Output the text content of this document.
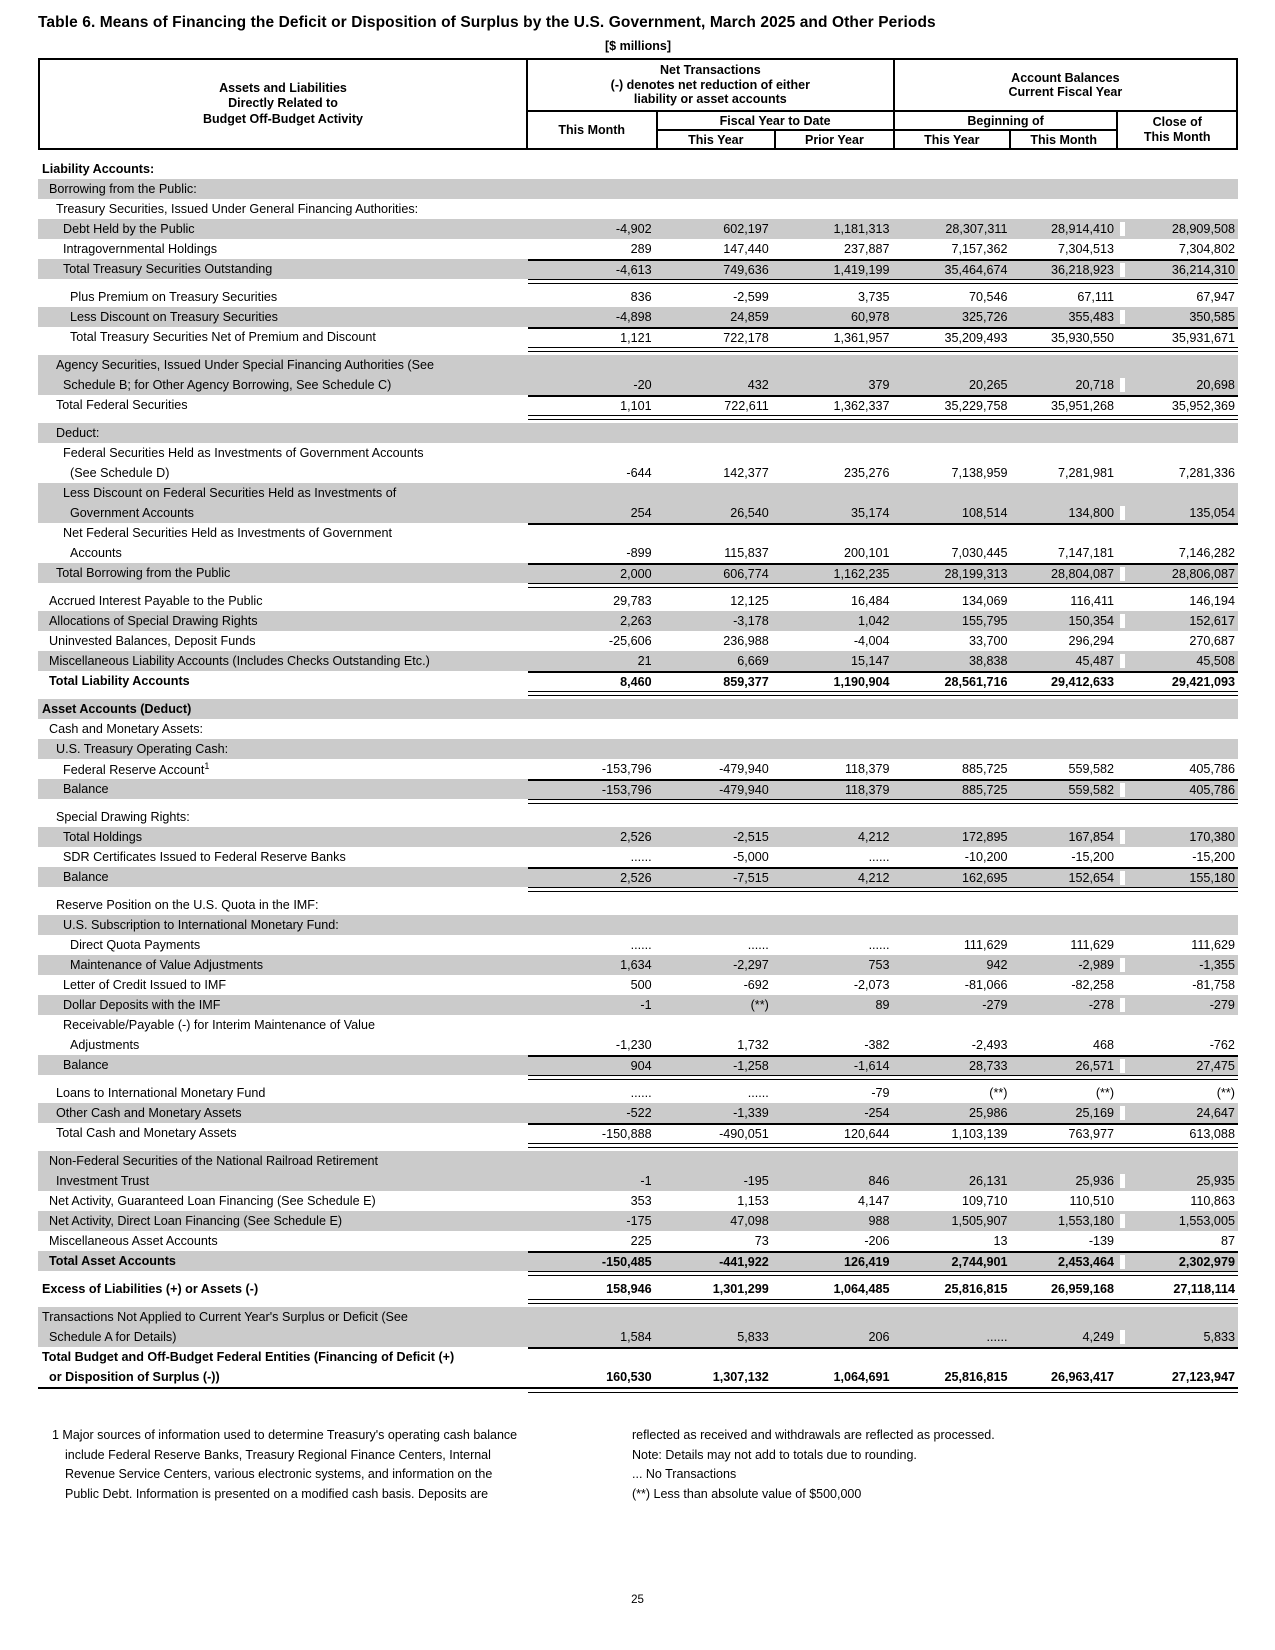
Table 6. Means of Financing the Deficit or Disposition of Surplus by the U.S. Government, March 2025 and Other Periods
[$ millions]
Assets and Liabilities
Directly Related to
Budget Off-Budget Activity
Net Transactions
(-) denotes net reduction of either
liability or asset accounts
Account Balances
Current Fiscal Year
This Month
Fiscal Year to Date
This Year	Prior Year
Beginning of
This Year	This Month
Close of
This Month
Liability Accounts:
Borrowing from the Public:
Treasury Securities, Issued Under General Financing Authorities:
Debt Held by the Public	-4,902	602,197	1,181,313	28,307,311	28,914,410	28,909,508
Intragovernmental Holdings	289	147,440	237,887	7,157,362	7,304,513	7,304,802
Total Treasury Securities Outstanding	-4,613	749,636	1,419,199	35,464,674	36,218,923	36,214,310
Plus Premium on Treasury Securities	836	-2,599	3,735	70,546	67,111	67,947
Less Discount on Treasury Securities	-4,898	24,859	60,978	325,726	355,483	350,585
Total Treasury Securities Net of Premium and Discount	1,121	722,178	1,361,957	35,209,493	35,930,550	35,931,671
Agency Securities, Issued Under Special Financing Authorities (See
Schedule B; for Other Agency Borrowing, See Schedule C)	-20	432	379	20,265	20,718	20,698
Total Federal Securities	1,101	722,611	1,362,337	35,229,758	35,951,268	35,952,369
Deduct:
Federal Securities Held as Investments of Government Accounts
(See Schedule D)	-644	142,377	235,276	7,138,959	7,281,981	7,281,336
Less Discount on Federal Securities Held as Investments of
Government Accounts	254	26,540	35,174	108,514	134,800	135,054
Net Federal Securities Held as Investments of Government
Accounts	-899	115,837	200,101	7,030,445	7,147,181	7,146,282
Total Borrowing from the Public	2,000	606,774	1,162,235	28,199,313	28,804,087	28,806,087
Accrued Interest Payable to the Public	29,783	12,125	16,484	134,069	116,411	146,194
Allocations of Special Drawing Rights	2,263	-3,178	1,042	155,795	150,354	152,617
Uninvested Balances, Deposit Funds	-25,606	236,988	-4,004	33,700	296,294	270,687
Miscellaneous Liability Accounts (Includes Checks Outstanding Etc.)	21	6,669	15,147	38,838	45,487	45,508
Total Liability Accounts	8,460	859,377	1,190,904	28,561,716	29,412,633	29,421,093
Asset Accounts (Deduct)
Cash and Monetary Assets:
U.S. Treasury Operating Cash:
Federal Reserve Account$^1$	-153,796	-479,940	118,379	885,725	559,582	405,786
Balance	-153,796	-479,940	118,379	885,725	559,582	405,786
Special Drawing Rights:
Total Holdings	2,526	-2,515	4,212	172,895	167,854	170,380
SDR Certificates Issued to Federal Reserve Banks	......	-5,000	......	-10,200	-15,200	-15,200
Balance	2,526	-7,515	4,212	162,695	152,654	155,180
Reserve Position on the U.S. Quota in the IMF:
U.S. Subscription to International Monetary Fund:
Direct Quota Payments	......	......	......	111,629	111,629	111,629
Maintenance of Value Adjustments	1,634	-2,297	753	942	-2,989	-1,355
Letter of Credit Issued to IMF	500	-692	-2,073	-81,066	-82,258	-81,758
Dollar Deposits with the IMF	-1	(**)	89	-279	-278	-279
Receivable/Payable (-) for Interim Maintenance of Value
Adjustments	-1,230	1,732	-382	-2,493	468	-762
Balance	904	-1,258	-1,614	28,733	26,571	27,475
Loans to International Monetary Fund	......	......	-79	(**)	(**)	(**)
Other Cash and Monetary Assets	-522	-1,339	-254	25,986	25,169	24,647
Total Cash and Monetary Assets	-150,888	-490,051	120,644	1,103,139	763,977	613,088
Non-Federal Securities of the National Railroad Retirement
Investment Trust	-1	-195	846	26,131	25,936	25,935
Net Activity, Guaranteed Loan Financing (See Schedule E)	353	1,153	4,147	109,710	110,510	110,863
Net Activity, Direct Loan Financing (See Schedule E)	-175	47,098	988	1,505,907	1,553,180	1,553,005
Miscellaneous Asset Accounts	225	73	-206	13	-139	87
Total Asset Accounts	-150,485	-441,922	126,419	2,744,901	2,453,464	2,302,979
Excess of Liabilities (+) or Assets (-)	158,946	1,301,299	1,064,485	25,816,815	26,959,168	27,118,114
Transactions Not Applied to Current Year's Surplus or Deficit (See
Schedule A for Details)	1,584	5,833	206	......	4,249	5,833
Total Budget and Off-Budget Federal Entities (Financing of Deficit (+)
or Disposition of Surplus (-))	160,530	1,307,132	1,064,691	25,816,815	26,963,417	27,123,947
1 Major sources of information used to determine Treasury's operating cash balance
include Federal Reserve Banks, Treasury Regional Finance Centers, Internal
Revenue Service Centers, various electronic systems, and information on the
Public Debt. Information is presented on a modified cash basis. Deposits are
reflected as received and withdrawals are reflected as processed.
Note: Details may not add to totals due to rounding.
... No Transactions
(**) Less than absolute value of $500,000
25
